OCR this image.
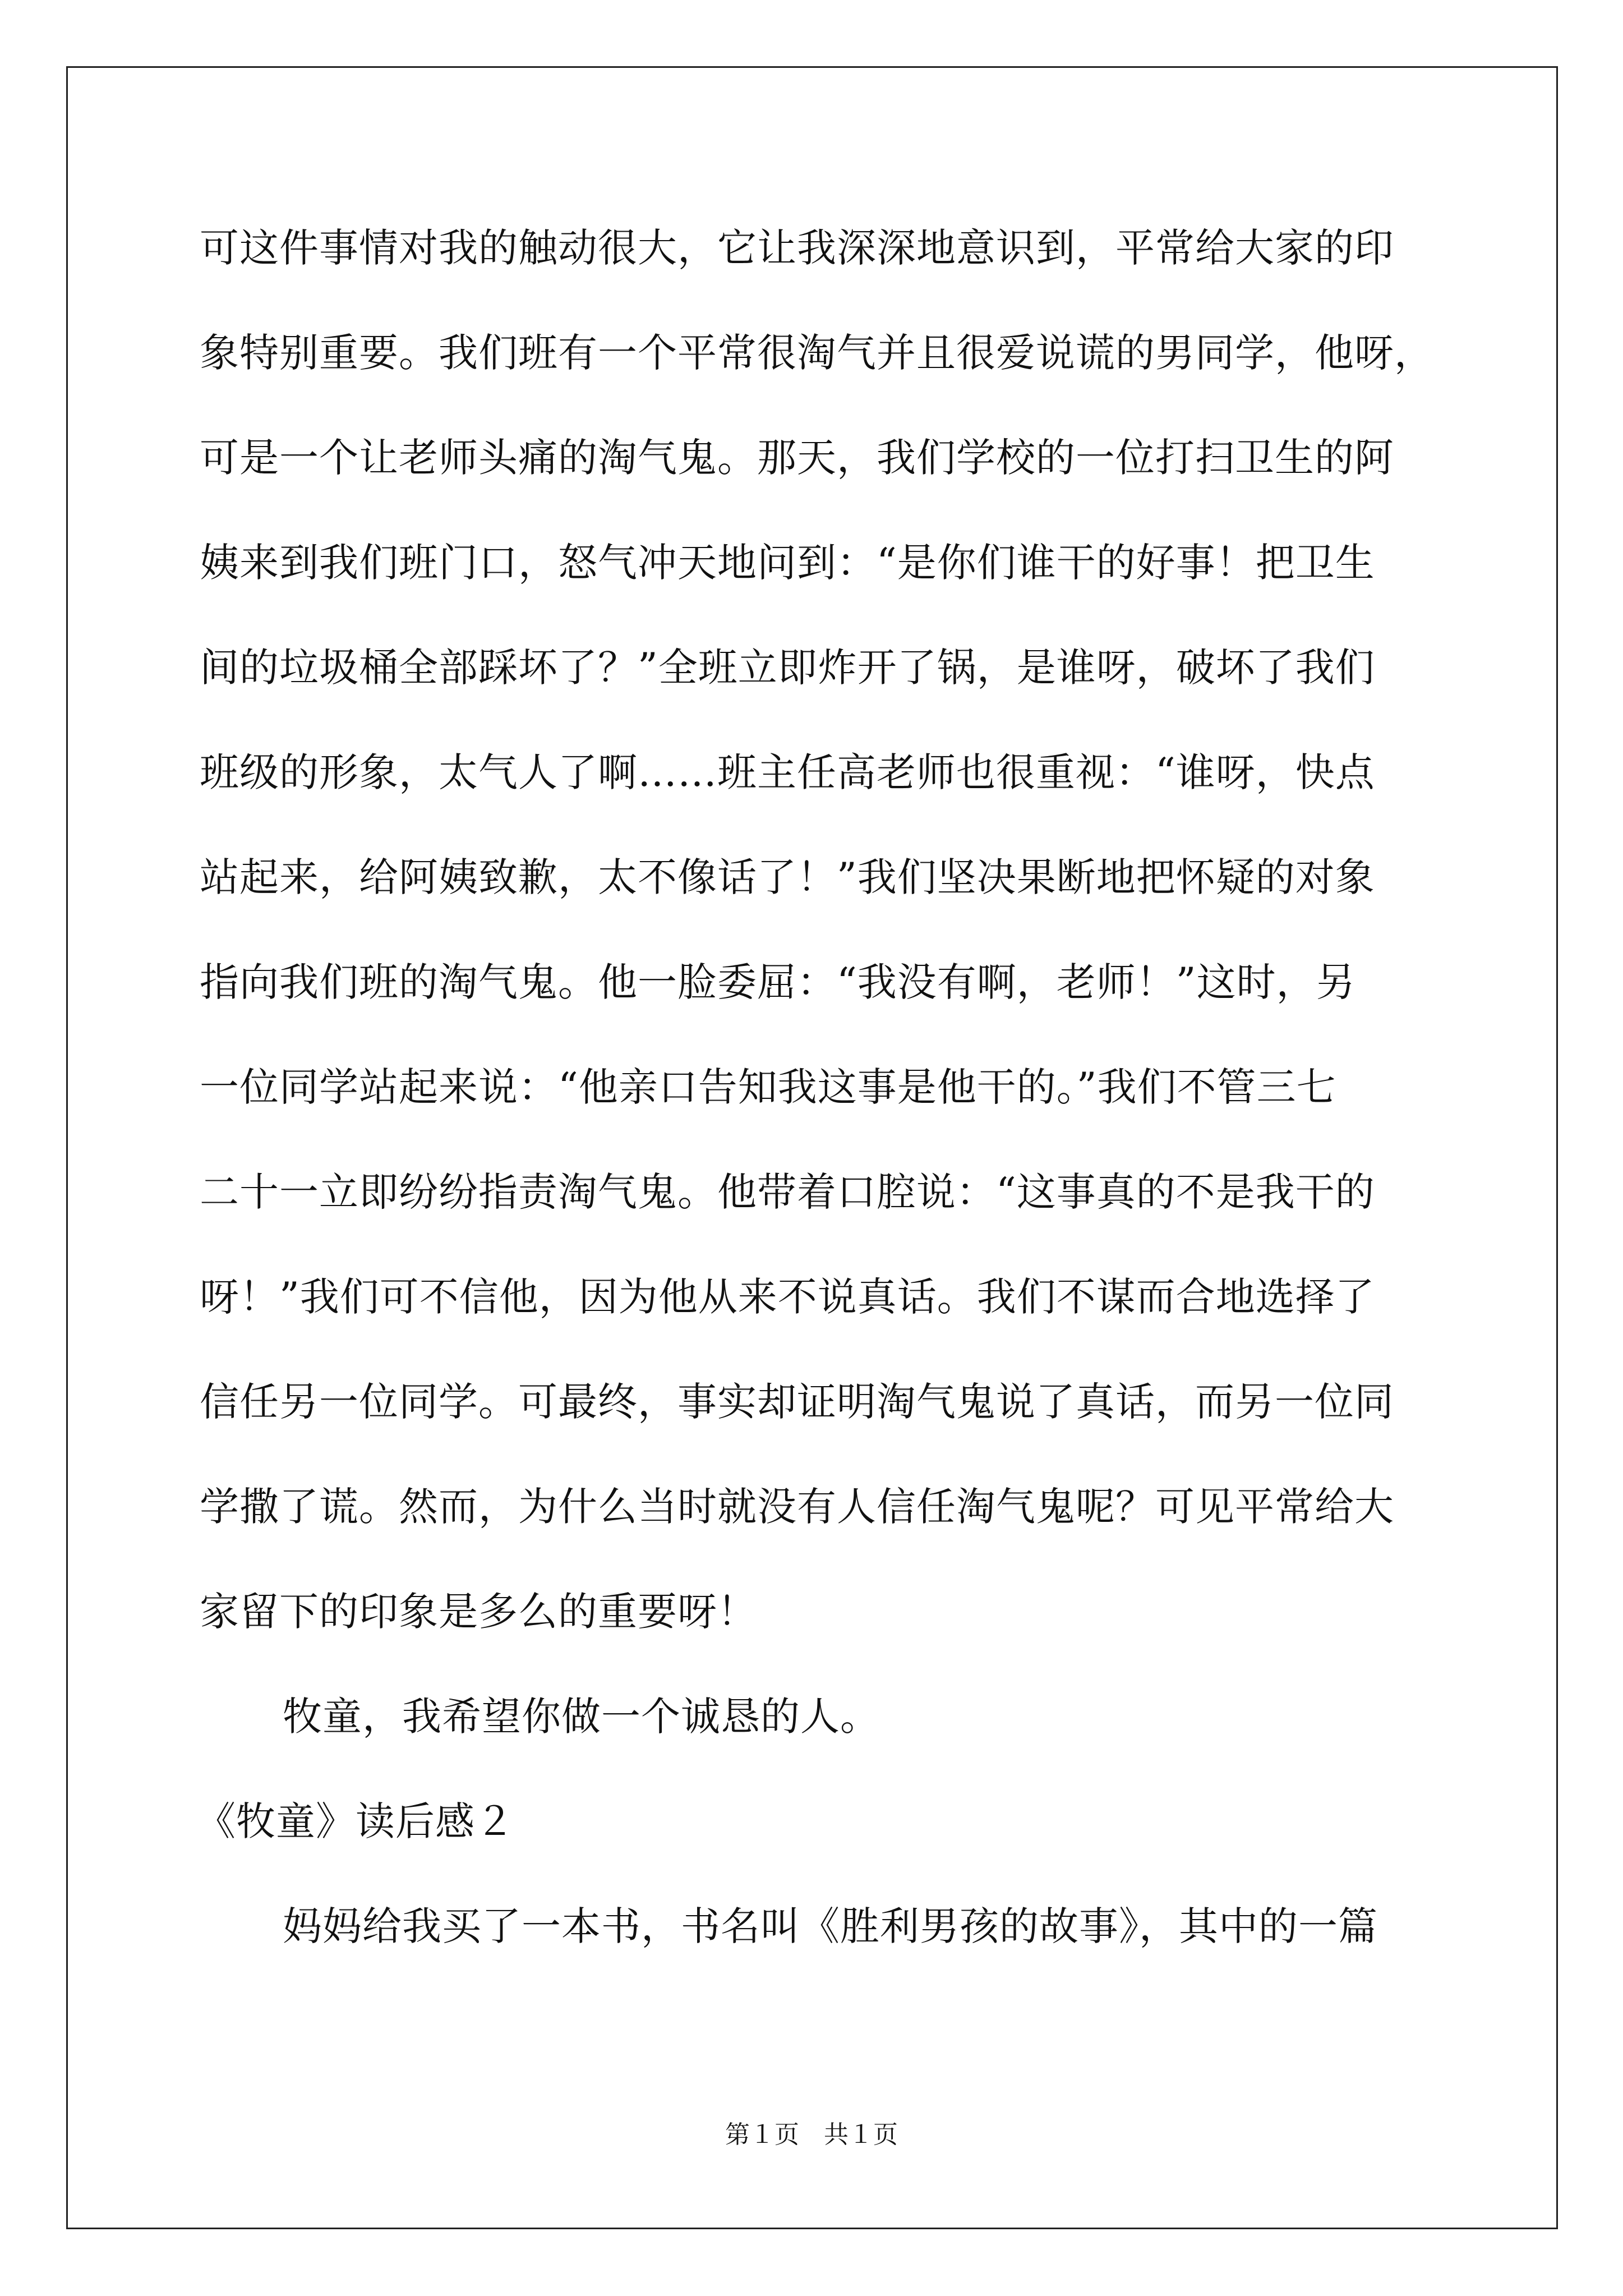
可这件事情对我的触动很大，它让我深深地意识到，平常给大家的印
象特别重要。我们班有一个平常很淘气并且很爱说谎的男同学，他呀，
可是一个让老师头痛的淘气鬼。那天，我们学校的一位打扫卫生的阿
姨来到我们班门口，怒气冲天地问到：“是你们谁干的好事！把卫生
间的垃圾桶全部踩坏了？”全班立即炸开了锅，是谁呀，破坏了我们
班级的形象，太气人了啊……班主任高老师也很重视：“谁呀，快点
站起来，给阿姨致歉，太不像话了！”我们坚决果断地把怀疑的对象
指向我们班的淘气鬼。他一脸委屈：“我没有啊，老师！”这时，另
一位同学站起来说：“他亲口告知我这事是他干的。”我们不管三七
二十一立即纷纷指责淘气鬼。他带着口腔说：“这事真的不是我干的
呀！”我们可不信他，因为他从来不说真话。我们不谋而合地选择了
信任另一位同学。可最终，事实却证明淘气鬼说了真话，而另一位同
学撒了谎。然而，为什么当时就没有人信任淘气鬼呢？可见平常给大
家留下的印象是多么的重要呀！
牧童，我希望你做一个诚恳的人。
《牧童》读后感２
妈妈给我买了一本书，书名叫《胜利男孩的故事》，其中的一篇
第１页　共１页
